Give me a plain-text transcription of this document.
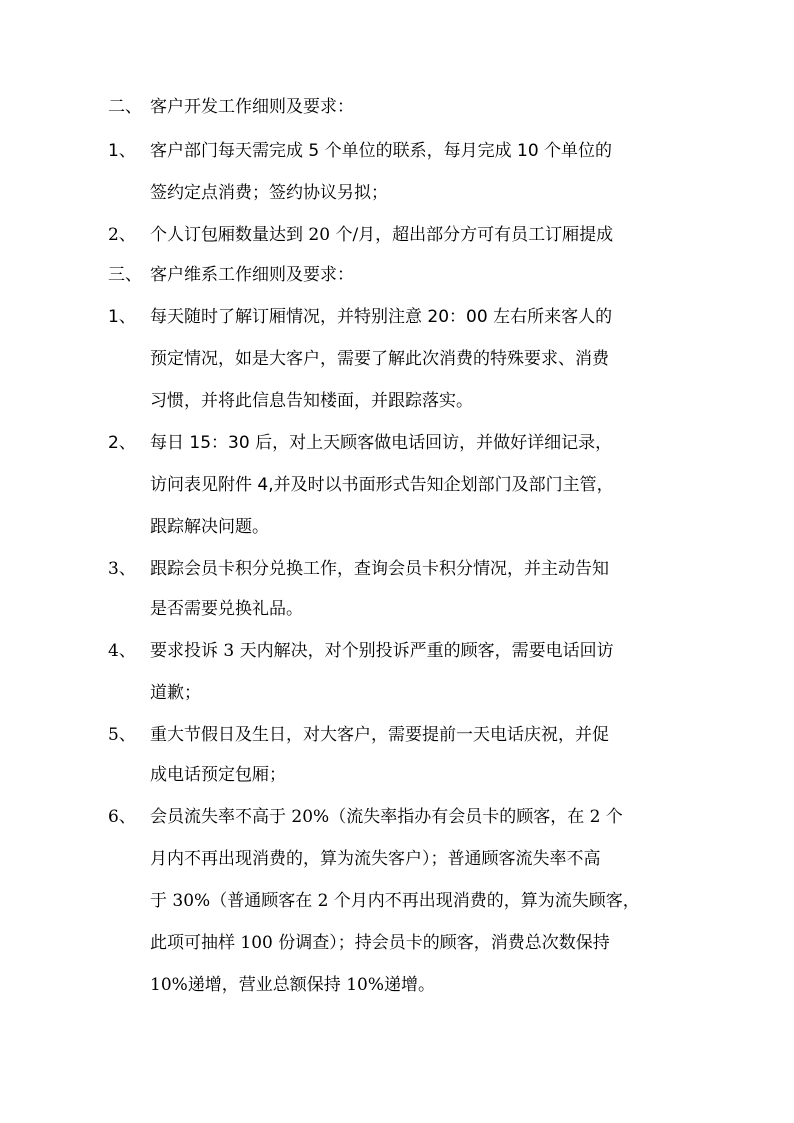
二、 客户开发工作细则及要求：
1、 客户部门每天需完成 5 个单位的联系，每月完成 10 个单位的
签约定点消费；签约协议另拟；
2、 个人订包厢数量达到 20 个/月，超出部分方可有员工订厢提成
三、 客户维系工作细则及要求：
1、 每天随时了解订厢情况，并特别注意 20：00 左右所来客人的
预定情况，如是大客户，需要了解此次消费的特殊要求、消费
习惯，并将此信息告知楼面，并跟踪落实。
2、 每日 15：30 后，对上天顾客做电话回访，并做好详细记录，
访问表见附件 4,并及时以书面形式告知企划部门及部门主管，
跟踪解决问题。
3、 跟踪会员卡积分兑换工作，查询会员卡积分情况，并主动告知
是否需要兑换礼品。
4、 要求投诉 3 天内解决，对个别投诉严重的顾客，需要电话回访
道歉；
5、 重大节假日及生日，对大客户，需要提前一天电话庆祝，并促
成电话预定包厢；
6、 会员流失率不高于 20%（流失率指办有会员卡的顾客，在 2 个
月内不再出现消费的，算为流失客户）；普通顾客流失率不高
于 30%（普通顾客在 2 个月内不再出现消费的，算为流失顾客，
此项可抽样 100 份调查）；持会员卡的顾客，消费总次数保持
10%递增，营业总额保持 10%递增。
